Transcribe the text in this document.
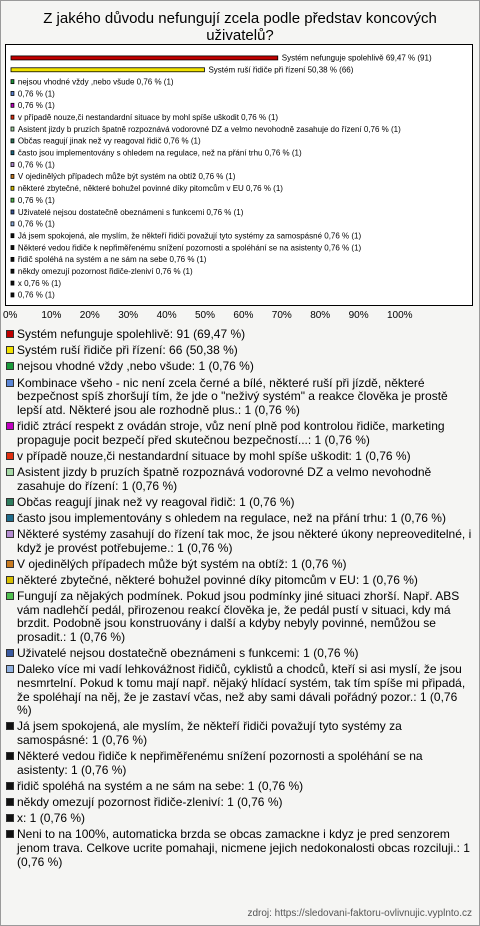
Z jakého důvodu nefungují zcela podle představ koncových uživatelů?
Systém nefunguje spolehlivě 69,47 % (91)
Systém ruší řidiče při řízení 50,38 % (66)
nejsou vhodné vždy ,nebo všude 0,76 % (1)
0,76 % (1)
0,76 % (1)
v případě nouze,či nestandardní situace by mohl spíše uškodit 0,76 % (1)
Asistent jizdy b pruzích špatně rozpoznává vodorovné DZ a velmo nevohodně zasahuje do řízení 0,76 % (1)
Občas reagují jinak než vy reagoval řidič 0,76 % (1)
často jsou implementovány s ohledem na regulace, než na přání trhu 0,76 % (1)
0,76 % (1)
V ojedinělých případech může být systém na obtíž 0,76 % (1)
některé zbytečné, některé bohužel povinné díky pitomcům v EU 0,76 % (1)
0,76 % (1)
Uživatelé nejsou dostatečně obeznámeni s funkcemi 0,76 % (1)
0,76 % (1)
Já jsem spokojená, ale myslím, že někteří řidiči považují tyto systémy za samospásné 0,76 % (1)
Některé vedou řidiče k nepřiměřenému snížení pozornosti a spoléhání se na asistenty 0,76 % (1)
řidič spoléhá na systém a ne sám na sebe 0,76 % (1)
někdy omezují pozornost řidiče-zleniví 0,76 % (1)
x 0,76 % (1)
0,76 % (1)
0% 10% 20% 30% 40% 50% 60% 70% 80% 90% 100%
Systém nefunguje spolehlivě: 91 (69,47 %)
Systém ruší řidiče při řízení: 66 (50,38 %)
nejsou vhodné vždy ,nebo všude: 1 (0,76 %)
Kombinace všeho - nic není zcela černé a bílé, některé ruší při jízdě, některé bezpečnost spíš zhoršují tím, že jde o "neživý systém" a reakce člověka je prostě lepší atd. Některé jsou ale rozhodně plus.: 1 (0,76 %)
řidič ztrácí respekt z ovádán stroje, vůz není plně pod kontrolou řidiče, marketing propaguje pocit bezpečí před skutečnou bezpečností...: 1 (0,76 %)
v případě nouze,či nestandardní situace by mohl spíše uškodit: 1 (0,76 %)
Asistent jizdy b pruzích špatně rozpoznává vodorovné DZ a velmo nevohodně zasahuje do řízení: 1 (0,76 %)
Občas reagují jinak než vy reagoval řidič: 1 (0,76 %)
často jsou implementovány s ohledem na regulace, než na přání trhu: 1 (0,76 %)
Některé systémy zasahují do řízení tak moc, že jsou některé úkony nepreoveditelné, i když je provést potřebujeme.: 1 (0,76 %)
V ojedinělých případech může být systém na obtíž: 1 (0,76 %)
některé zbytečné, některé bohužel povinné díky pitomcům v EU: 1 (0,76 %)
Fungují za nějakých podmínek. Pokud jsou podmínky jiné situaci zhorší. Např. ABS vám nadlehčí pedál, přirozenou reakcí člověka je, že pedál pustí v situaci, kdy má brzdit. Podobně jsou konstruovány i další a kdyby nebyly povinné, nemůžou se prosadit.: 1 (0,76 %)
Uživatelé nejsou dostatečně obeznámeni s funkcemi: 1 (0,76 %)
Daleko více mi vadí lehkovážnost řidičů, cyklistů a chodců, kteří si asi myslí, že jsou nesmrtelní. Pokud k tomu mají např. nějaký hlídací systém, tak tím spíše mi připadá, že spoléhají na něj, že je zastaví včas, než aby sami dávali pořádný pozor.: 1 (0,76 %)
Já jsem spokojená, ale myslím, že někteří řidiči považují tyto systémy za samospásné: 1 (0,76 %)
Některé vedou řidiče k nepřiměřenému snížení pozornosti a spoléhání se na asistenty: 1 (0,76 %)
řidič spoléhá na systém a ne sám na sebe: 1 (0,76 %)
někdy omezují pozornost řidiče-zleniví: 1 (0,76 %)
x: 1 (0,76 %)
Neni to na 100%, automaticka brzda se obcas zamackne i kdyz je pred senzorem jenom trava. Celkove ucrite pomahaji, nicmene jejich nedokonalosti obcas rozciluji.: 1 (0,76 %)
zdroj: https://sledovani-faktoru-ovlivnujic.vyplnto.cz
